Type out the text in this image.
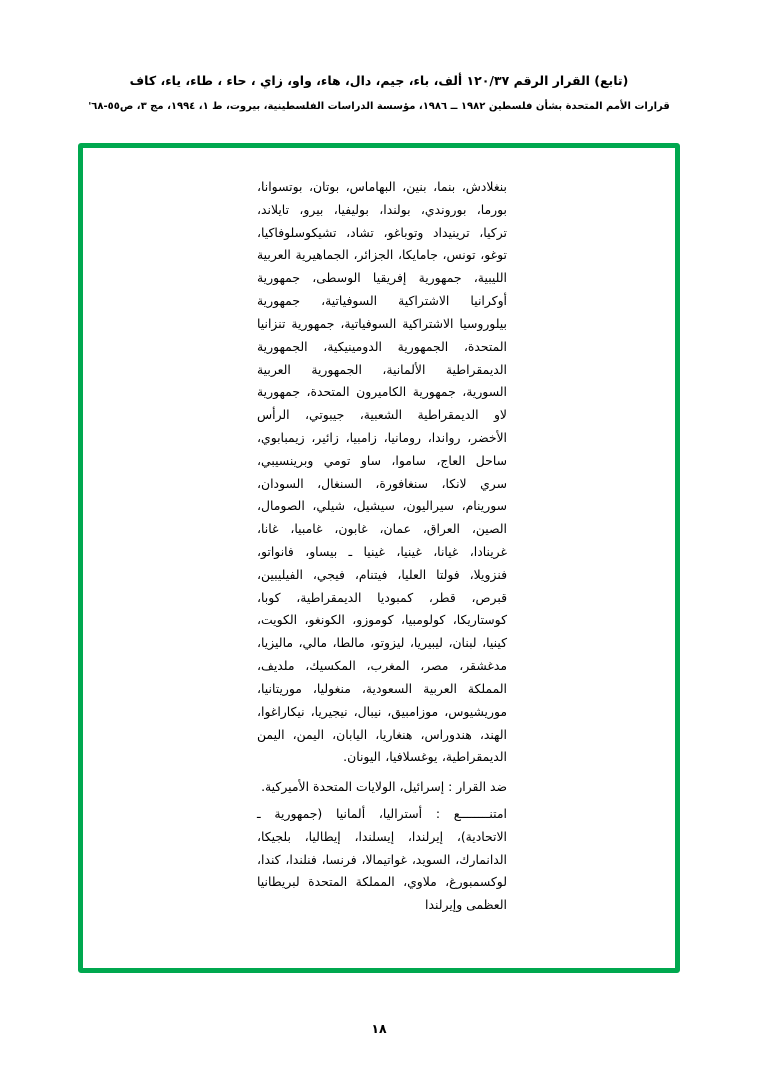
(تابع) القرار الرقم ١٢٠/٣٧ ألف، باء، جيم، دال، هاء، واو، زاي ، حاء ، طاء، ياء، كاف
قرارات الأمم المتحدة بشأن فلسطين ١٩٨٢ ــ ١٩٨٦، مؤسسة الدراسات الفلسطينية، بيروت، ط ١، ١٩٩٤، مج ٣، ص٥٥-٦٨'
بنغلادش، بنما، بنين، البهاماس، بوتان، بوتسوانا، بورما، بوروندي، بولندا، بوليفيا، بيرو، تايلاند، تركيا، ترينيداد وتوباغو، تشاد، تشيكوسلوفاكيا، توغو، تونس، جامايكا، الجزائر، الجماهيرية العربية الليبية، جمهورية إفريقيا الوسطى، جمهورية أوكرانيا الاشتراكية السوفياتية، جمهورية بيلوروسيا الاشتراكية السوفياتية، جمهورية تنزانيا المتحدة، الجمهورية الدومينيكية، الجمهورية الديمقراطية الألمانية، الجمهورية العربية السورية، جمهورية الكاميرون المتحدة، جمهورية لاو الديمقراطية الشعبية، جيبوتي، الرأس الأخضر، رواندا، رومانيا، زامبيا، زائير، زيمبابوي، ساحل العاج، ساموا، ساو تومي وبرينسيبي، سري لانكا، سنغافورة، السنغال، السودان، سورينام، سيراليون، سيشيل، شيلي، الصومال، الصين، العراق، عمان، غابون، غامبيا، غانا، غرينادا، غيانا، غينيا، غينيا ـ بيساو، فانواتو، فنزويلا، فولتا العليا، فيتنام، فيجي، الفيليبين، قبرص، قطر، كمبوديا الديمقراطية، كوبا، كوستاريكا، كولومبيا، كوموزو، الكونغو، الكويت، كينيا، لبنان، ليبيريا، ليزوتو، مالطا، مالي، ماليزيا، مدغشقر، مصر، المغرب، المكسيك، ملديف، المملكة العربية السعودية، منغوليا، موريتانيا، موريشيوس، موزامبيق، نيبال، نيجيريا، نيكاراغوا، الهند، هندوراس، هنغاريا، اليابان، اليمن، اليمن الديمقراطية، يوغسلافيا، اليونان.
ضد القرار : إسرائيل، الولايات المتحدة الأميركية.
امتنــــــــع : أستراليا، ألمانيا (جمهورية ـ الاتحادية)، إيرلندا، إيسلندا، إيطاليا، بلجيكا، الدانمارك، السويد، غواتيمالا، فرنسا، فنلندا، كندا، لوكسمبورغ، ملاوي، المملكة المتحدة لبريطانيا العظمى وإيرلندا
١٨
